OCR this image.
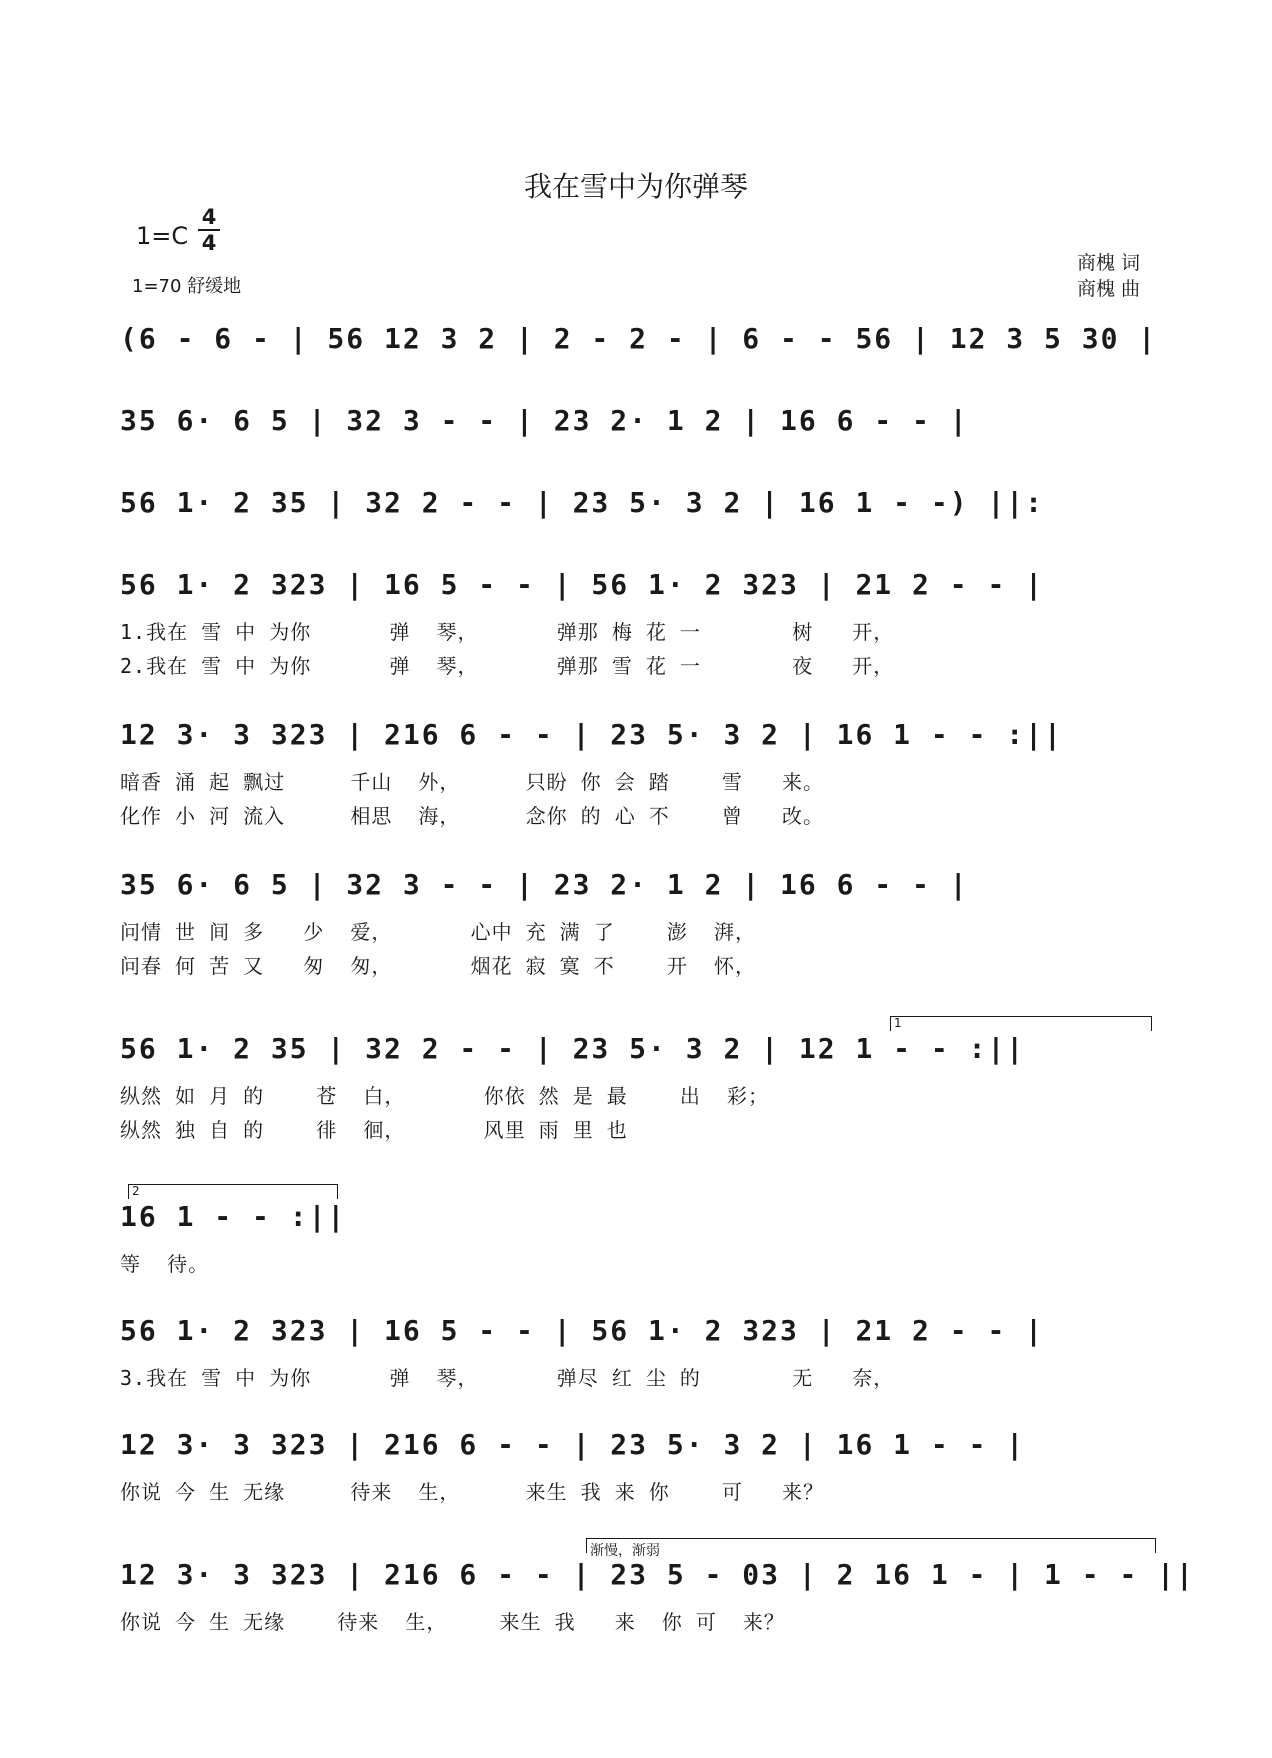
我在雪中为你弹琴
1=C
4
4
1=70 舒缓地
商槐 词
商槐 曲
(6 - 6 - | 56 12 3 2 | 2 - 2 - | 6 - - 56 | 12 3 5 30 |
35 6· 6 5 | 32 3 - - | 23 2· 1 2 | 16 6 - - |
56 1· 2 35 | 32 2 - - | 23 5· 3 2 | 16 1 - -) ||:
56 1· 2 323 | 16 5 - - | 56 1· 2 323 | 21 2 - - |
1.我在 雪 中 为你      弹  琴，      弹那 梅 花 一       树   开，
2.我在 雪 中 为你      弹  琴，      弹那 雪 花 一       夜   开，
12 3· 3 323 | 216 6 - - | 23 5· 3 2 | 16 1 - - :||
暗香 涌 起 飘过     千山  外，     只盼 你 会 踏    雪   来。
化作 小 河 流入     相思  海，     念你 的 心 不    曾   改。
35 6· 6 5 | 32 3 - - | 23 2· 1 2 | 16 6 - - |
问情 世 间 多   少  爱，      心中 充 满 了    澎  湃，
问春 何 苦 又   匆  匆，      烟花 寂 寞 不    开  怀，
1
56 1· 2 35 | 32 2 - - | 23 5· 3 2 | 12 1 - - :||
纵然 如 月 的    苍  白，      你依 然 是 最    出  彩；
纵然 独 自 的    徘  徊，      风里 雨 里 也
2
16 1 - - :||
等  待。
56 1· 2 323 | 16 5 - - | 56 1· 2 323 | 21 2 - - |
3.我在 雪 中 为你      弹  琴，      弹尽 红 尘 的       无   奈，
12 3· 3 323 | 216 6 - - | 23 5· 3 2 | 16 1 - - |
你说 今 生 无缘     待来  生，     来生 我 来 你    可   来？
渐慢，渐弱
12 3· 3 323 | 216 6 - - | 23 5 - 03 | 2 16 1 - | 1 - - ||
你说 今 生 无缘    待来  生，    来生 我   来  你 可  来？
